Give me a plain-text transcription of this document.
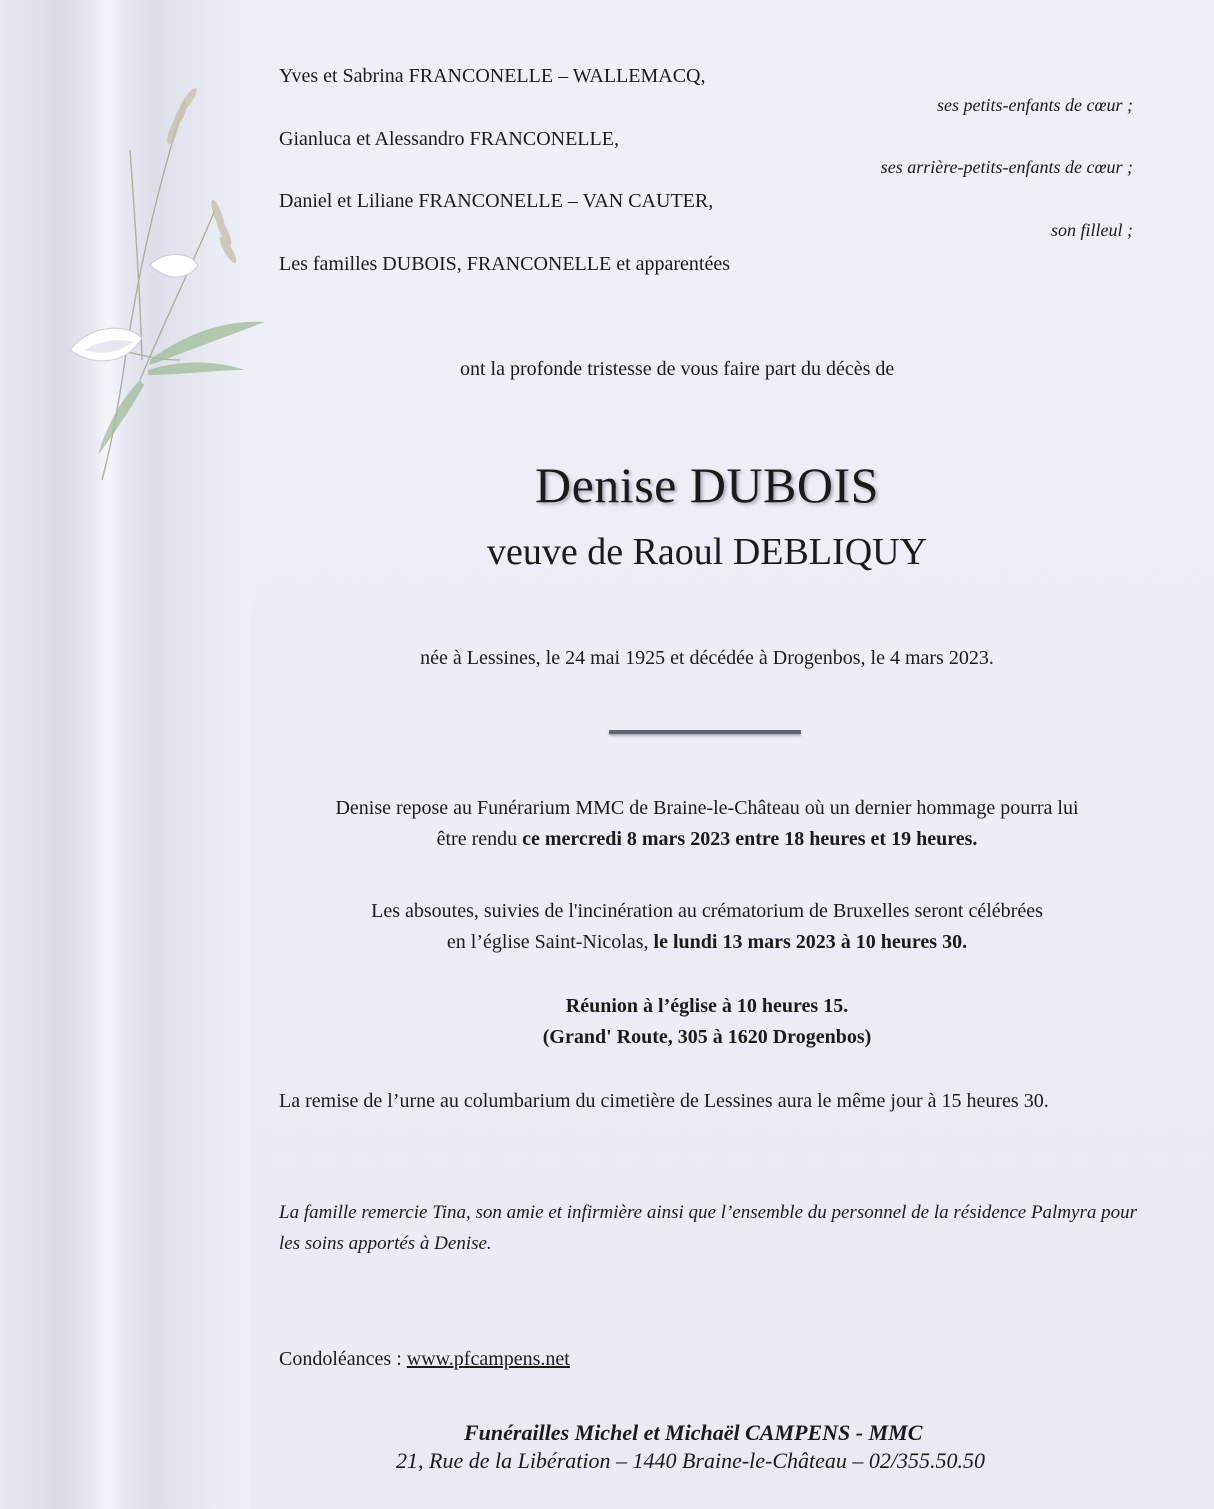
Yves et Sabrina FRANCONELLE – WALLEMACQ,

ses petits-enfants de cœur ;

Gianluca et Alessandro FRANCONELLE,

ses arrière-petits-enfants de cœur ;

Daniel et Liliane FRANCONELLE – VAN CAUTER,

son filleul ;

Les familles DUBOIS, FRANCONELLE et apparentées

ont la profonde tristesse de vous faire part du décès de

Denise DUBOIS

veuve de Raoul DEBLIQUY

née à Lessines, le 24 mai 1925 et décédée à Drogenbos, le 4 mars 2023.

Denise repose au Funérarium MMC de Braine-le-Château où un dernier hommage pourra lui
être rendu ce mercredi 8 mars 2023 entre 18 heures et 19 heures.
Les absoutes, suivies de l'incinération au crématorium de Bruxelles seront célébrées
en l’église Saint-Nicolas, le lundi 13 mars 2023 à 10 heures 30.
Réunion à l’église à 10 heures 15.
(Grand' Route, 305 à 1620 Drogenbos)

La remise de l’urne au columbarium du cimetière de Lessines aura le même jour à 15 heures 30.

La famille remercie Tina, son amie et infirmière ainsi que l’ensemble du personnel de la résidence Palmyra pour les soins apportés à Denise.

Condoléances : www.pfcampens.net

Funérailles Michel et Michaël CAMPENS - MMC
21, Rue de la Libération – 1440 Braine-le-Château – 02/355.50.50
